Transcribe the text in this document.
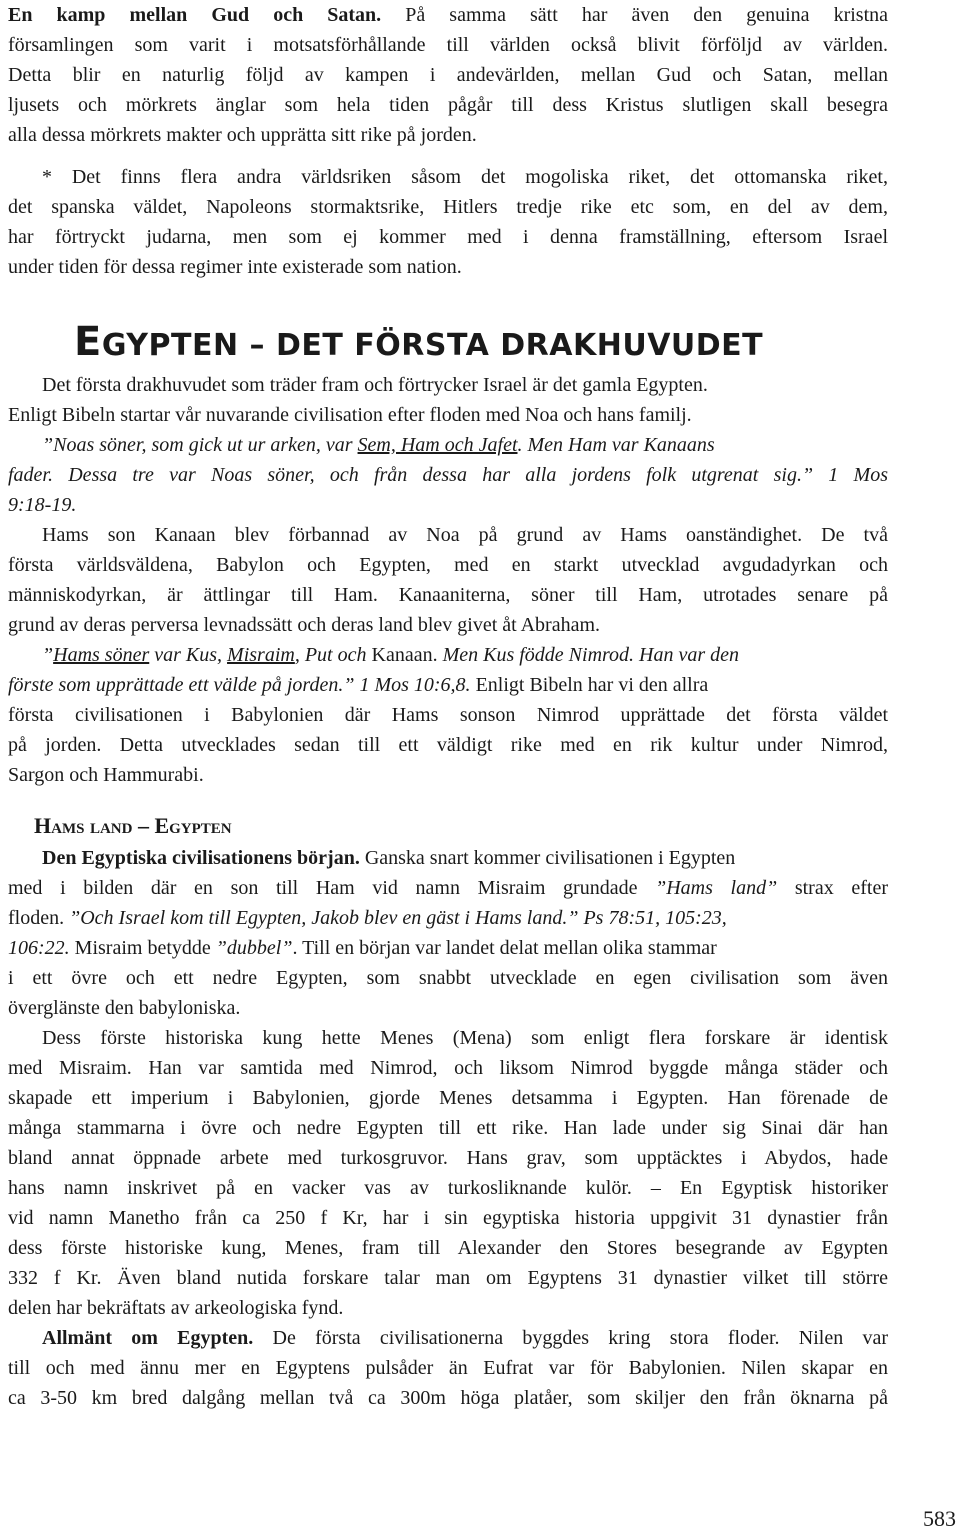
En kamp mellan Gud och Satan. På samma sätt har även den genuina kristna
församlingen som varit i motsatsförhållande till världen också blivit förföljd av världen.
Detta blir en naturlig följd av kampen i andevärlden, mellan Gud och Satan, mellan
ljusets och mörkrets änglar som hela tiden pågår till dess Kristus slutligen skall besegra
alla dessa mörkrets makter och upprätta sitt rike på jorden.
* Det finns flera andra världsriken såsom det mogoliska riket, det ottomanska riket,
det spanska väldet, Napoleons stormaktsrike, Hitlers tredje rike etc som, en del av dem,
har förtryckt judarna, men som ej kommer med i denna framställning, eftersom Israel
under tiden för dessa regimer inte existerade som nation.
Det första drakhuvudet som träder fram och förtrycker Israel är det gamla Egypten.
Enligt Bibeln startar vår nuvarande civilisation efter floden med Noa och hans familj.
”Noas söner, som gick ut ur arken, var Sem, Ham och Jafet. Men Ham var Kanaans
fader. Dessa tre var Noas söner, och från dessa har alla jordens folk utgrenat sig.” 1 Mos
9:18-19.
Hams son Kanaan blev förbannad av Noa på grund av Hams oanständighet. De två
första världsväldena, Babylon och Egypten, med en starkt utvecklad avgudadyrkan och
människodyrkan, är ättlingar till Ham. Kanaaniterna, söner till Ham, utrotades senare på
grund av deras perversa levnadssätt och deras land blev givet åt Abraham.
”Hams söner var Kus, Misraim, Put och Kanaan. Men Kus födde Nimrod. Han var den
förste som upprättade ett välde på jorden.” 1 Mos 10:6,8. Enligt Bibeln har vi den allra
första civilisationen i Babylonien där Hams sonson Nimrod upprättade det första väldet
på jorden. Detta utvecklades sedan till ett väldigt rike med en rik kultur under Nimrod,
Sargon och Hammurabi.
Den Egyptiska civilisationens början. Ganska snart kommer civilisationen i Egypten
med i bilden där en son till Ham vid namn Misraim grundade ”Hams land” strax efter
floden. ”Och Israel kom till Egypten, Jakob blev en gäst i Hams land.” Ps 78:51, 105:23,
106:22. Misraim betydde ”dubbel”. Till en början var landet delat mellan olika stammar
i ett övre och ett nedre Egypten, som snabbt utvecklade en egen civilisation som även
överglänste den babyloniska.
Dess förste historiska kung hette Menes (Mena) som enligt flera forskare är identisk
med Misraim. Han var samtida med Nimrod, och liksom Nimrod byggde många städer och
skapade ett imperium i Babylonien, gjorde Menes detsamma i Egypten. Han förenade de
många stammarna i övre och nedre Egypten till ett rike. Han lade under sig Sinai där han
bland annat öppnade arbete med turkosgruvor. Hans grav, som upptäcktes i Abydos, hade
hans namn inskrivet på en vacker vas av turkosliknande kulör. – En Egyptisk historiker
vid namn Manetho från ca 250 f Kr, har i sin egyptiska historia uppgivit 31 dynastier från
dess förste historiske kung, Menes, fram till Alexander den Stores besegrande av Egypten
332 f Kr. Även bland nutida forskare talar man om Egyptens 31 dynastier vilket till större
delen har bekräftats av arkeologiska fynd.
Allmänt om Egypten. De första civilisationerna byggdes kring stora floder. Nilen var
till och med ännu mer en Egyptens pulsåder än Eufrat var för Babylonien. Nilen skapar en
ca 3-50 km bred dalgång mellan två ca 300m höga platåer, som skiljer den från öknarna på
EGYPTEN – DET FÖRSTA DRAKHUVUDET
Hams land – Egypten
583
